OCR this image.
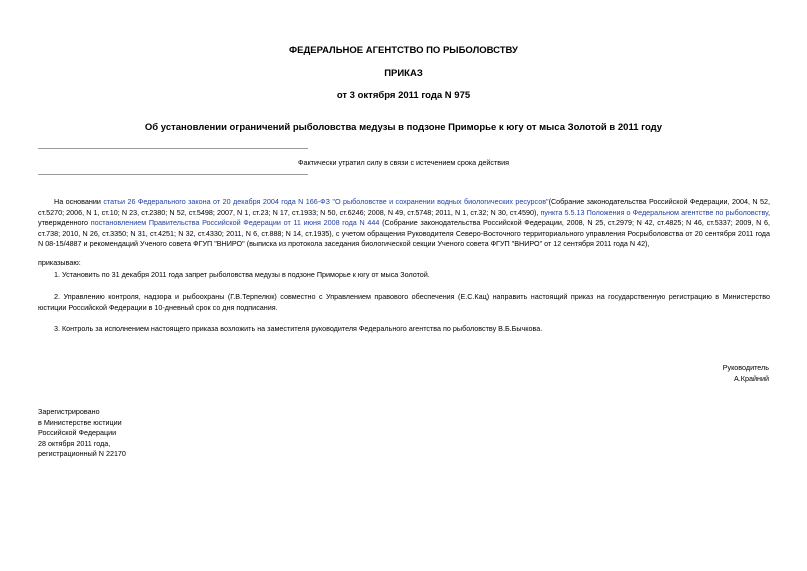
ФЕДЕРАЛЬНОЕ АГЕНТСТВО ПО РЫБОЛОВСТВУ
ПРИКАЗ
от 3 октября 2011 года N 975
Об установлении ограничений рыболовства медузы в подзоне Приморье к югу от мыса Золотой в 2011 году
Фактически утратил силу в связи с истечением срока действия

На основании статьи 26 Федерального закона от 20 декабря 2004 года N 166-ФЗ "О рыболовстве и сохранении водных биологических ресурсов"(Собрание законодательства Российской Федерации, 2004, N 52, ст.5270; 2006, N 1, ст.10; N 23, ст.2380; N 52, ст.5498; 2007, N 1, ст.23; N 17, ст.1933; N 50, ст.6246; 2008, N 49, ст.5748; 2011, N 1, ст.32; N 30, ст.4590), пункта 5.5.13 Положения о Федеральном агентстве по рыболовству, утвержденного постановлением Правительства Российской Федерации от 11 июня 2008 года N 444 (Собрание законодательства Российской Федерации, 2008, N 25, ст.2979; N 42, ст.4825; N 46, ст.5337; 2009, N 6, ст.738; 2010, N 26, ст.3350; N 31, ст.4251; N 32, ст.4330; 2011, N 6, ст.888; N 14, ст.1935), с учетом обращения Руководителя Северо-Восточного территориального управления Росрыболовства от 20 сентября 2011 года N 08-15/4887 и рекомендаций Ученого совета ФГУП "ВНИРО" (выписка из протокола заседания биологической секции Ученого совета ФГУП "ВНИРО" от 12 сентября 2011 года N 42),

приказываю:
1. Установить по 31 декабря 2011 года запрет рыболовства медузы в подзоне Приморье к югу от мыса Золотой.
2. Управлению контроля, надзора и рыбоохраны (Г.В.Терпелюк) совместно с Управлением правового обеспечения (Е.С.Кац) направить настоящий приказ на государственную регистрацию в Министерство юстиции Российской Федерации в 10-дневный срок со дня подписания.
3. Контроль за исполнением настоящего приказа возложить на заместителя руководителя Федерального агентства по рыболовству В.Б.Бычкова.
Руководитель
А.Крайний
Зарегистрировано
в Министерстве юстиции
Российской Федерации
28 октября 2011 года,
регистрационный N 22170
